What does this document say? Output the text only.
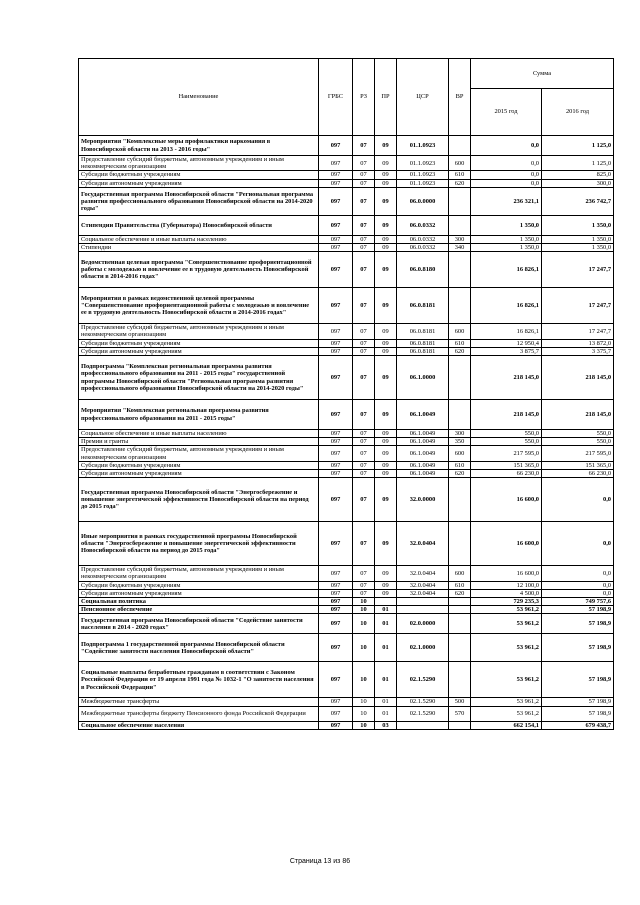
Наименование	ГРБС	РЗ	ПР	ЦСР	ВР	Сумма	
						2015 год	2016 год
Мероприятия "Комплексные меры профилактики наркомания в Новосибирской области на 2013 - 2016 годы"	097	07	09	01.1.0923		0,0	1 125,0
Предоставление субсидий бюджетным, автономным учреждениям и иным некоммерческим организациям	097	07	09	01.1.0923	600	0,0	1 125,0
Субсидии бюджетным учреждениям	097	07	09	01.1.0923	610	0,0	825,0
Субсидии автономным учреждениям	097	07	09	01.1.0923	620	0,0	300,0
Государственная программа Новосибирской области "Региональная программа развития профессионального образования Новосибирской области на 2014-2020 годы"	097	07	09	06.0.0000		236 321,1	236 742,7
Стипендии Правительства (Губернатора) Новосибирской области	097	07	09	06.0.0332		1 350,0	1 350,0
Социальное обеспечение и иные выплаты населению	097	07	09	06.0.0332	300	1 350,0	1 350,0
Стипендии	097	07	09	06.0.0332	340	1 350,0	1 350,0
Ведомственная целевая программа "Совершенствование профориентационной работы с молодежью и вовлечение ее в трудовую деятельность Новосибирской области в 2014-2016 годах"	097	07	09	06.0.8180		16 826,1	17 247,7
Мероприятия в рамках ведомственной целевой программы "Совершенствование профориентационной работы с молодежью и вовлечение ее в трудовую деятельность Новосибирской области в 2014-2016 годах"	097	07	09	06.0.8181		16 826,1	17 247,7
Предоставление субсидий бюджетным, автономным учреждениям и иным некоммерческим организациям	097	07	09	06.0.8181	600	16 826,1	17 247,7
Субсидии бюджетным учреждениям	097	07	09	06.0.8181	610	12 950,4	13 872,0
Субсидии автономным учреждениям	097	07	09	06.0.8181	620	3 875,7	3 375,7
Подпрограмма "Комплексная региональная программа развития профессионального образования на 2011 - 2015 годы" государственной программы Новосибирской области "Региональная программа развития профессионального образования Новосибирской области на 2014-2020 годы"	097	07	09	06.1.0000		218 145,0	218 145,0
Мероприятия "Комплексная региональная программа развития профессионального образования на 2011 - 2015 годы"	097	07	09	06.1.0049		218 145,0	218 145,0
Социальное обеспечение и иные выплаты населению	097	07	09	06.1.0049	300	550,0	550,0
Премии и гранты	097	07	09	06.1.0049	350	550,0	550,0
Предоставление субсидий бюджетным, автономным учреждениям и иным некоммерческим организациям	097	07	09	06.1.0049	600	217 595,0	217 595,0
Субсидии бюджетным учреждениям	097	07	09	06.1.0049	610	151 365,0	151 365,0
Субсидии автономным учреждениям	097	07	09	06.1.0049	620	66 230,0	66 230,0
Государственная программа Новосибирской области "Энергосбережение и повышение энергетической эффективности Новосибирской области на период до 2015 года"	097	07	09	32.0.0000		16 600,0	0,0
Иные мероприятия в рамках государственной программы Новосибирской области "Энергосбережение и повышение энергетической эффективности Новосибирской области на период до 2015 года"	097	07	09	32.0.0404		16 600,0	0,0
Предоставление субсидий бюджетным, автономным учреждениям и иным некоммерческим организациям	097	07	09	32.0.0404	600	16 600,0	0,0
Субсидии бюджетным учреждениям	097	07	09	32.0.0404	610	12 100,0	0,0
Субсидии автономным учреждениям	097	07	09	32.0.0404	620	4 500,0	0,0
Социальная политика	097	10				729 235,3	749 757,6
Пенсионное обеспечение	097	10	01			53 961,2	57 198,9
Государственная программа Новосибирской области "Содействие занятости населения в 2014 - 2020 годах"	097	10	01	02.0.0000		53 961,2	57 198,9
Подпрограмма 1 государственной программы Новосибирской области "Содействие занятости населения Новосибирской области"	097	10	01	02.1.0000		53 961,2	57 198,9
Социальные выплаты безработным гражданам в соответствии с Законом Российской Федерации от 19 апреля 1991 года № 1032-1 "О занятости населения в Российской Федерации"	097	10	01	02.1.5290		53 961,2	57 198,9
Межбюджетные трансферты	097	10	01	02.1.5290	500	53 961,2	57 198,9
Межбюджетные трансферты бюджету Пенсионного фонда Российской Федерации	097	10	01	02.1.5290	570	53 961,2	57 198,9
Социальное обеспечение населения	097	10	03			662 154,1	679 438,7
Страница 13 из 86
